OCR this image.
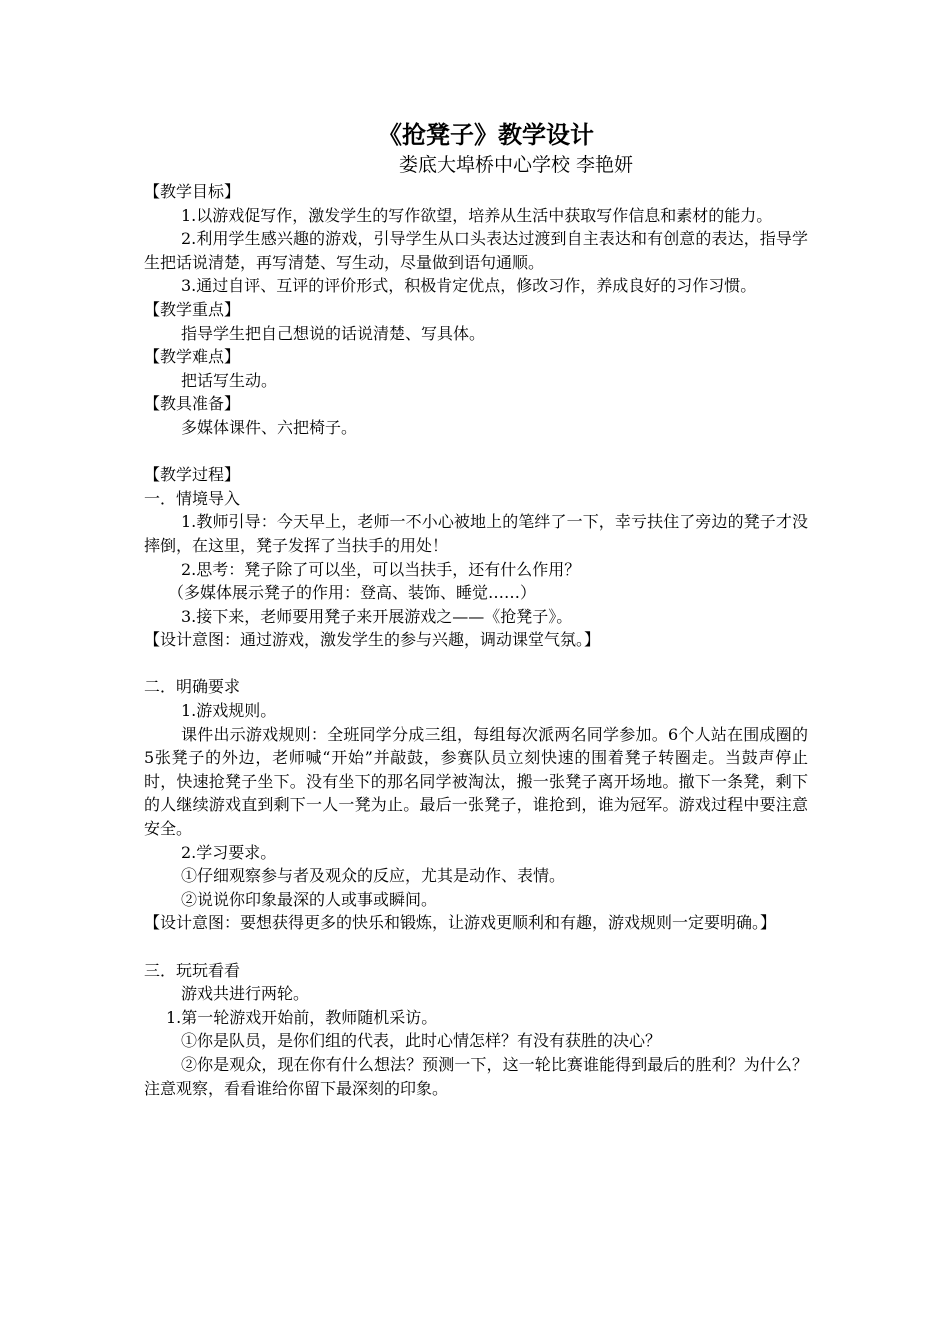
《抢凳子》教学设计
娄底大埠桥中心学校 李艳妍

【教学目标】

1.以游戏促写作，激发学生的写作欲望，培养从生活中获取写作信息和素材的能力。

2.利用学生感兴趣的游戏，引导学生从口头表达过渡到自主表达和有创意的表达，指导学生把话说清楚，再写清楚、写生动，尽量做到语句通顺。

3.通过自评、互评的评价形式，积极肯定优点，修改习作，养成良好的习作习惯。

【教学重点】

指导学生把自己想说的话说清楚、写具体。

【教学难点】

把话写生动。

【教具准备】

多媒体课件、六把椅子。

【教学过程】

一．情境导入

1.教师引导：今天早上，老师一不小心被地上的笔绊了一下，幸亏扶住了旁边的凳子才没摔倒，在这里，凳子发挥了当扶手的用处！

2.思考：凳子除了可以坐，可以当扶手，还有什么作用？

（多媒体展示凳子的作用：登高、装饰、睡觉……）

3.接下来，老师要用凳子来开展游戏之——《抢凳子》。

【设计意图：通过游戏，激发学生的参与兴趣，调动课堂气氛。】

二．明确要求

1.游戏规则。

课件出示游戏规则：全班同学分成三组，每组每次派两名同学参加。6个人站在围成圈的5张凳子的外边，老师喊“开始”并敲鼓，参赛队员立刻快速的围着凳子转圈走。当鼓声停止时，快速抢凳子坐下。没有坐下的那名同学被淘汰，搬一张凳子离开场地。撤下一条凳，剩下的人继续游戏直到剩下一人一凳为止。最后一张凳子，谁抢到，谁为冠军。游戏过程中要注意安全。

2.学习要求。

①仔细观察参与者及观众的反应，尤其是动作、表情。

②说说你印象最深的人或事或瞬间。

【设计意图：要想获得更多的快乐和锻炼，让游戏更顺利和有趣，游戏规则一定要明确。】

三．玩玩看看

游戏共进行两轮。

1.第一轮游戏开始前，教师随机采访。

①你是队员，是你们组的代表，此时心情怎样？有没有获胜的决心？

②你是观众，现在你有什么想法？预测一下，这一轮比赛谁能得到最后的胜利？为什么？注意观察，看看谁给你留下最深刻的印象。
